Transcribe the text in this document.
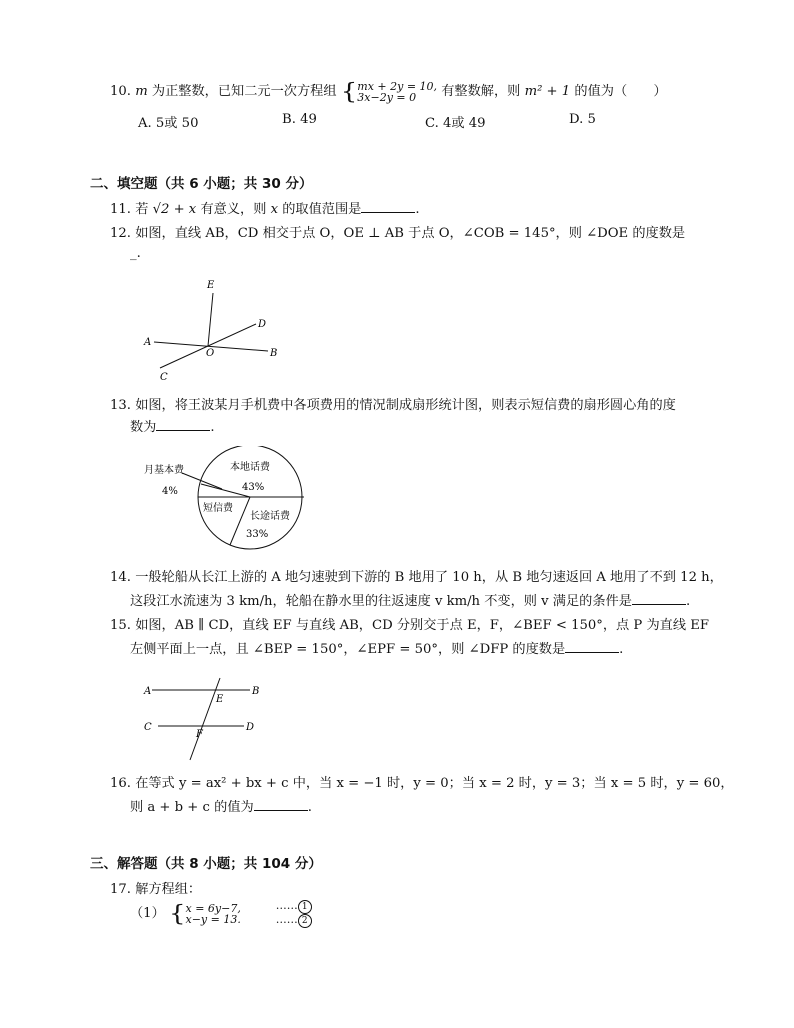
10. m 为正整数，已知二元一次方程组 {mx + 2y = 10,
3x−2y = 0 有整数解，则 m² + 1 的值为（　　）
A. 5或 50	B. 49	C. 4或 49	D. 5
二、填空题（共 6 小题；共 30 分）
11. 若 √2 + x 有意义，则 x 的取值范围是	.
12. 如图，直线 AB，CD 相交于点 O，OE ⊥ AB 于点 O，∠COB = 145°，则 ∠DOE 的度数是
_.
E
D
A
O	B
C
13. 如图，将王波某月手机费中各项费用的情况制成扇形统计图，则表示短信费的扇形圆心角的度
数为	.
月基本费
4%
本地话费
43%
短信费
长途话费
33%
14. 一般轮船从长江上游的 A 地匀速驶到下游的 B 地用了 10 h，从 B 地匀速返回 A 地用了不到 12 h，
这段江水流速为 3 km/h，轮船在静水里的往返速度 v km/h 不变，则 v 满足的条件是	.
15. 如图，AB ∥ CD，直线 EF 与直线 AB，CD 分别交于点 E，F，∠BEF < 150°，点 P 为直线 EF
左侧平面上一点，且 ∠BEP = 150°，∠EPF = 50°，则 ∠DFP 的度数是	.
A	B
E
C	D
F
16. 在等式 y = ax² + bx + c 中，当 x = −1 时，y = 0；当 x = 2 时，y = 3；当 x = 5 时，y = 60，
则 a + b + c 的值为	.
三、解答题（共 8 小题；共 104 分）
17. 解方程组：
（1） {x = 6y−7,
x−y = 13. …… 1
…… 2
